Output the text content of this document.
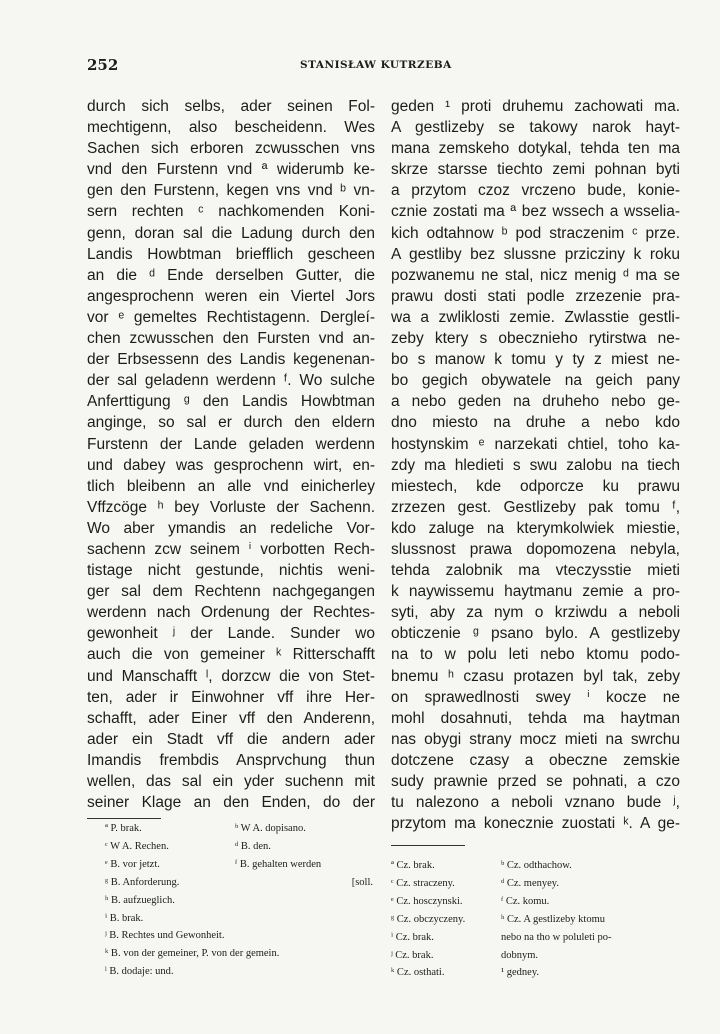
252	STANISŁAW KUTRZEBA
durch sich selbs, ader seinen Fol-
mechtigenn, also bescheidenn. Wes
Sachen sich erboren zcwusschen vns
vnd den Furstenn vnd ª widerumb ke-
gen den Furstenn, kegen vns vnd ᵇ vn-
sern rechten ᶜ nachkomenden Koni-
genn, doran sal die Ladung durch den
Landis Howbtman briefflich gescheen
an die ᵈ Ende derselben Gutter, die
angesprochenn weren ein Viertel Jors
vor ᵉ gemeltes Rechtistagenn. Dergleí-
chen zcwusschen den Fursten vnd an-
der Erbsessenn des Landis kegenenan-
der sal geladenn werdenn ᶠ. Wo sulche
Anferttigung ᵍ den Landis Howbtman
anginge, so sal er durch den eldern
Furstenn der Lande geladen werdenn
und dabey was gesprochenn wirt, en-
tlich bleibenn an alle vnd einicherley
Vffzcöge ʰ bey Vorluste der Sachenn.
Wo aber ymandis an redeliche Vor-
sachenn zcw seinem ⁱ vorbotten Rech-
tistage nicht gestunde, nichtis weni-
ger sal dem Rechtenn nachgegangen
werdenn nach Ordenung der Rechtes-
gewonheit ʲ der Lande. Sunder wo
auch die von gemeiner ᵏ Ritterschafft
und Manschafft ˡ, dorzcw die von Stet-
ten, ader ir Einwohner vff ihre Her-
schafft, ader Einer vff den Anderenn,
ader ein Stadt vff die andern ader
Imandis frembdis Ansprvchung thun
wellen, das sal ein yder suchenn mit
seiner Klage an den Enden, do der
geden ¹ proti druhemu zachowati ma.
A gestlizeby se takowy narok hayt-
mana zemskeho dotykal, tehda ten ma
skrze starsse tiechto zemi pohnan byti
a przytom czoz vrczeno bude, konie-
cznie zostati ma ª bez wssech a wsselia-
kich odtahnow ᵇ pod straczenim ᶜ prze.
A gestliby bez slussne przicziny k roku
pozwanemu ne stal, nicz menig ᵈ ma se
prawu dosti stati podle zrzezenie pra-
wa a zwliklosti zemie. Zwlasstie gestli-
zeby ktery s obecznieho rytirstwa ne-
bo s manow k tomu y ty z miest ne-
bo gegich obywatele na geich pany
a nebo geden na druheho nebo ge-
dno miesto na druhe a nebo kdo
hostynskim ᵉ narzekati chtiel, toho ka-
zdy ma hledieti s swu zalobu na tiech
miestech, kde odporcze ku prawu
zrzezen gest. Gestlizeby pak tomu ᶠ,
kdo zaluge na kterymkolwiek miestie,
slussnost prawa dopomozena nebyla,
tehda zalobnik ma vteczysstie mieti
k naywissemu haytmanu zemie a pro-
syti, aby za nym o krziwdu a neboli
obticzenie ᵍ psano bylo. A gestlizeby
na to w polu leti nebo ktomu podo-
bnemu ʰ czasu protazen byl tak, zeby
on sprawedlnosti swey ⁱ kocze ne
mohl dosahnuti, tehda ma haytman
nas obygi strany mocz mieti na swrchu
dotczene czasy a obeczne zemskie
sudy prawnie przed se pohnati, a czo
tu nalezono a neboli vznano bude ʲ,
przytom ma konecznie zuostati ᵏ. A ge-
ª P. brak.	ᵇ W A. dopisano.
ᶜ W A. Rechen.	ᵈ B. den.
ᵉ B. vor jetzt.	ᶠ B. gehalten werden
ᵍ B. Anforderung.	[soll.
ʰ B. aufzueglich.
ⁱ B. brak.
ʲ B. Rechtes und Gewonheit.
ᵏ B. von der gemeiner, P. von der gemein.
ˡ B. dodaje: und.
ª Cz. brak.	ᵇ Cz. odthachow.
ᶜ Cz. straczeny.	ᵈ Cz. menyey.
ᵉ Cz. hosczynski.	ᶠ Cz. komu.
ᵍ Cz. obczyczeny.	ʰ Cz. A gestlizeby ktomu
ⁱ Cz. brak.	nebo na tho w poluleti po-
ʲ Cz. brak.	dobnym.
ᵏ Cz. osthati.	¹ gedney.
